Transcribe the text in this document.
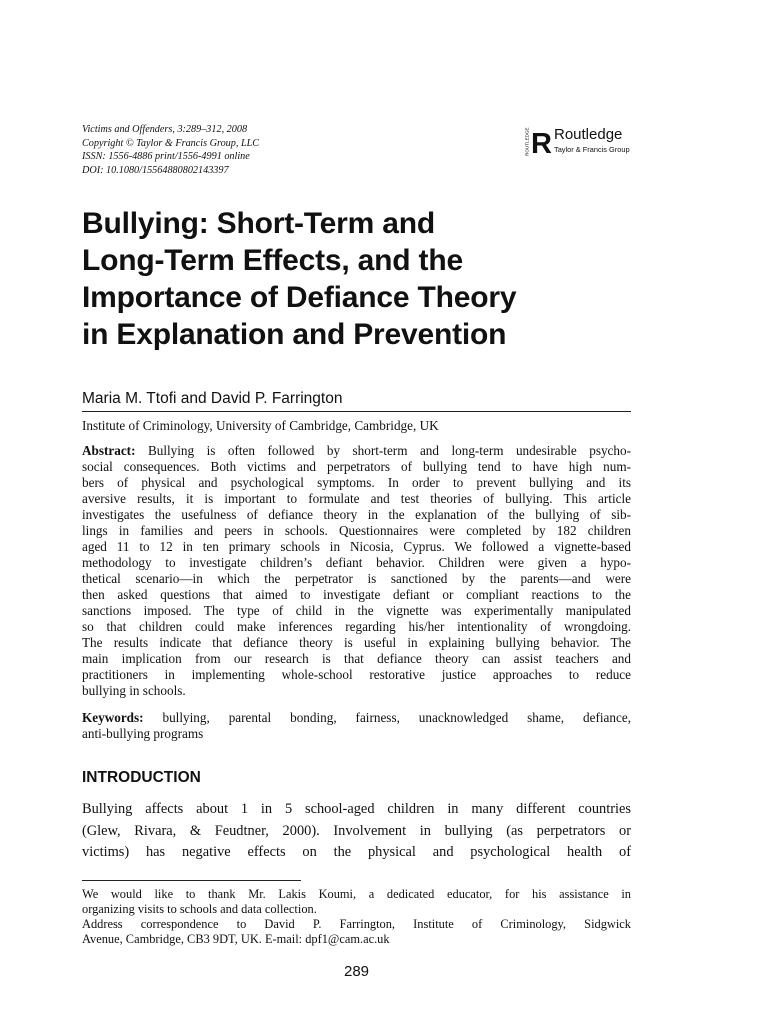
Victims and Offenders, 3:289–312, 2008
Copyright © Taylor & Francis Group, LLC
ISSN: 1556-4886 print/1556-4991 online
DOI: 10.1080/15564880802143397
ROUTLEDGE R Routledge
Taylor & Francis Group
Bullying: Short-Term and
Long-Term Effects, and the
Importance of Defiance Theory
in Explanation and Prevention
Maria M. Ttofi and David P. Farrington
Institute of Criminology, University of Cambridge, Cambridge, UK
Abstract: Bullying is often followed by short-term and long-term undesirable psycho-
social consequences. Both victims and perpetrators of bullying tend to have high num-
bers of physical and psychological symptoms. In order to prevent bullying and its
aversive results, it is important to formulate and test theories of bullying. This article
investigates the usefulness of defiance theory in the explanation of the bullying of sib-
lings in families and peers in schools. Questionnaires were completed by 182 children
aged 11 to 12 in ten primary schools in Nicosia, Cyprus. We followed a vignette-based
methodology to investigate children’s defiant behavior. Children were given a hypo-
thetical scenario—in which the perpetrator is sanctioned by the parents—and were
then asked questions that aimed to investigate defiant or compliant reactions to the
sanctions imposed. The type of child in the vignette was experimentally manipulated
so that children could make inferences regarding his/her intentionality of wrongdoing.
The results indicate that defiance theory is useful in explaining bullying behavior. The
main implication from our research is that defiance theory can assist teachers and
practitioners in implementing whole-school restorative justice approaches to reduce
bullying in schools.
Keywords: bullying, parental bonding, fairness, unacknowledged shame, defiance,
anti-bullying programs
INTRODUCTION
Bullying affects about 1 in 5 school-aged children in many different countries
(Glew, Rivara, & Feudtner, 2000). Involvement in bullying (as perpetrators or
victims) has negative effects on the physical and psychological health of
We would like to thank Mr. Lakis Koumi, a dedicated educator, for his assistance in
organizing visits to schools and data collection.
Address correspondence to David P. Farrington, Institute of Criminology, Sidgwick
Avenue, Cambridge, CB3 9DT, UK. E-mail: dpf1@cam.ac.uk
289
